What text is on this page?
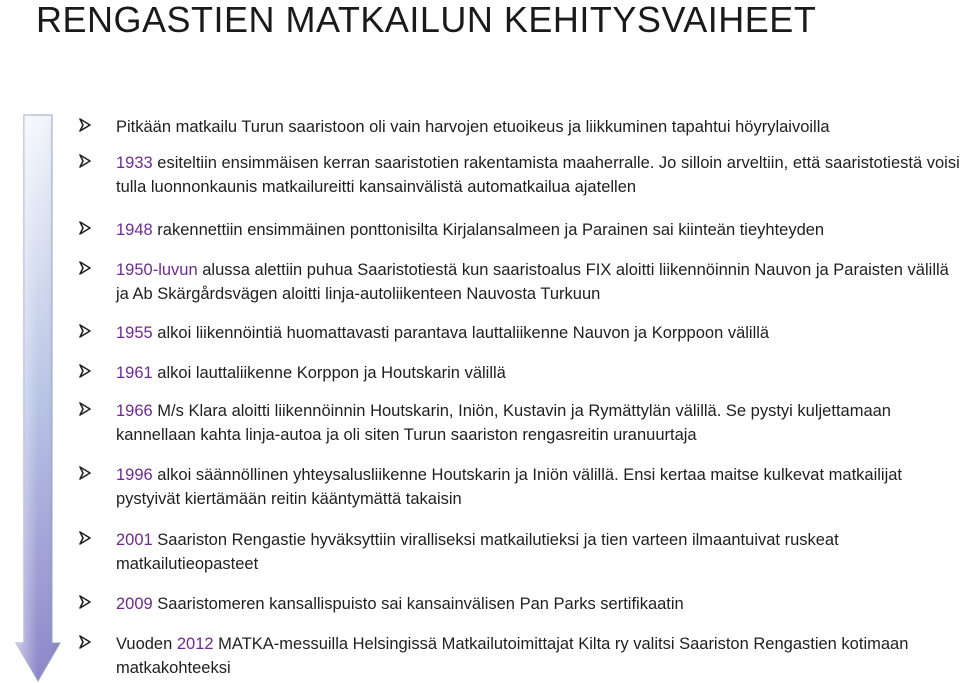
RENGASTIEN MATKAILUN KEHITYSVAIHEET
Pitkään matkailu Turun saaristoon oli vain harvojen etuoikeus ja liikkuminen tapahtui höyrylaivoilla
1933 esiteltiin ensimmäisen kerran saaristotien rakentamista maaherralle. Jo silloin arveltiin, että saaristotiestä voisi tulla luonnonkaunis matkailureitti kansainvälistä automatkailua ajatellen
1948 rakennettiin ensimmäinen ponttonisilta Kirjalansalmeen ja Parainen sai kiinteän tieyhteyden
1950-luvun alussa alettiin puhua Saaristotiestä kun saaristoalus FIX aloitti liikennöinnin Nauvon ja Paraisten välillä ja Ab Skärgårdsvägen aloitti linja-autoliikenteen Nauvosta Turkuun
1955 alkoi liikennöintiä huomattavasti parantava lauttaliikenne Nauvon ja Korppoon välillä
1961 alkoi lauttaliikenne Korppon ja Houtskarin välillä
1966 M/s Klara aloitti liikennöinnin Houtskarin, Iniön, Kustavin ja Rymättylän välillä. Se pystyi kuljettamaan kannellaan kahta linja-autoa ja oli siten Turun saariston rengasreitin uranuurtaja
1996 alkoi säännöllinen yhteysalusliikenne Houtskarin ja Iniön välillä. Ensi kertaa maitse kulkevat matkailijat pystyivät kiertämään reitin kääntymättä takaisin
2001 Saariston Rengastie hyväksyttiin viralliseksi matkailutieksi ja tien varteen ilmaantuivat ruskeat matkailutieopasteet
2009 Saaristomeren kansallispuisto sai kansainvälisen Pan Parks sertifikaatin
Vuoden 2012 MATKA-messuilla Helsingissä Matkailutoimittajat Kilta ry valitsi Saariston Rengastien kotimaan matkakohteeksi
